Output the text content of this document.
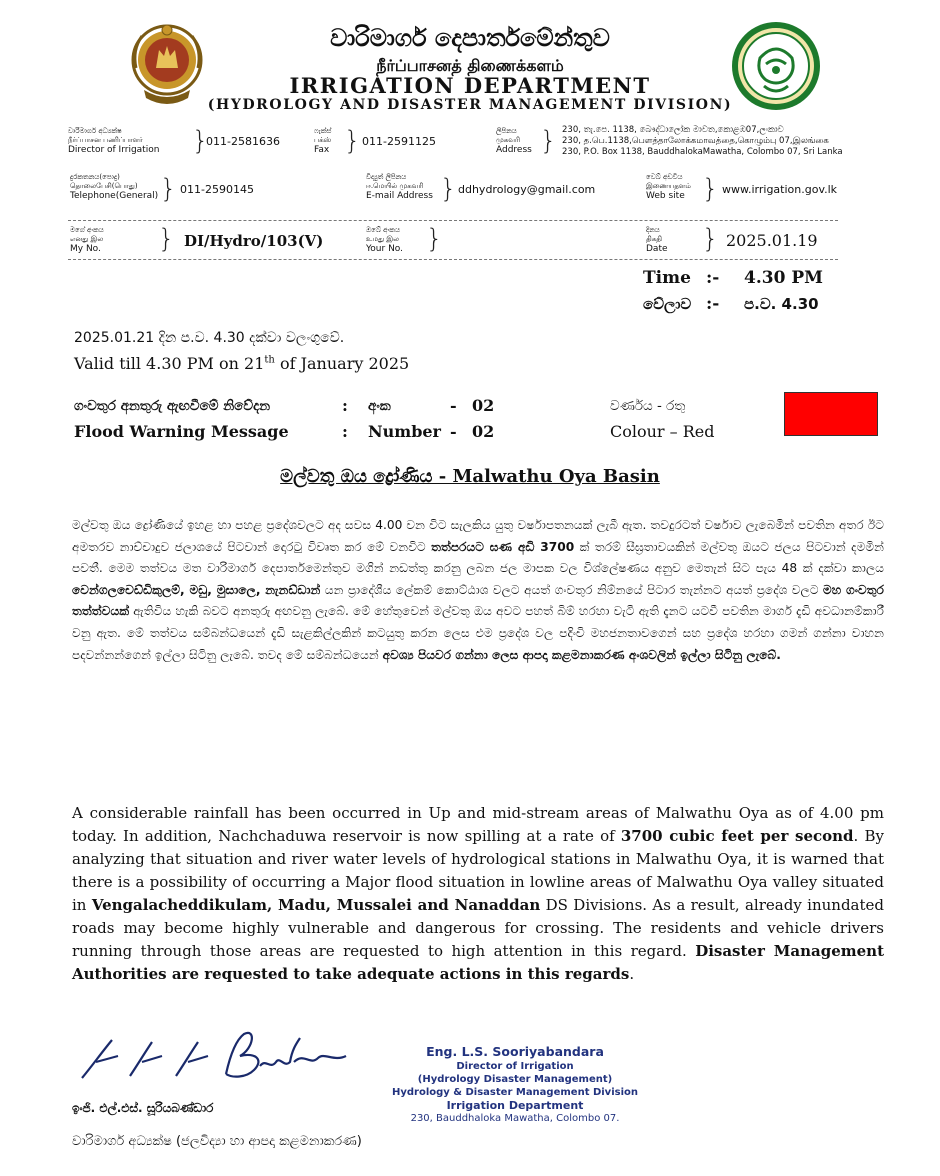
වාරිමාර්ග දෙපාර්තමේන්තුව
நீர்ப்பாசனத் திணைக்களம்
IRRIGATION DEPARTMENT
(HYDROLOGY AND DISASTER MANAGEMENT DIVISION)
වාරිමාර්ග අධ්‍යක්ෂ
நீர்ப்பாசன பணிப்பாளர்
Director of Irrigation }
011-2581636
ෆැක්ස්
பக்ஸ்
Fax } 011-2591125
ලිපිනය
முகவரி
Address } 230, තැ.පෙ. 1138, බෞද්ධාලෝක මාවත,කොළඹ07,ලංකාව
230, த.பெ.1138,பௌத்தாலோக்கமாவத்தை,கொழும்பு 07,இலங்கை
230, P.O. Box 1138, BauddhalokaMawatha, Colombo 07, Sri Lanka
දුරකතනය(පොදු)
தொலைபேசி(பொது)
Telephone(General) } 011-2590145
විද්‍යුත් ලිපිනය
ஈ.மெயில் முகவரி
E-mail Address } ddhydrology@gmail.com
වෙබ් අඩවිය
இணையதளம்
Web site } www.irrigation.gov.lk
මගේ අංකය
எனது இல
My No. } DI/Hydro/103(V)
ඔබේ අංකය
உமது இல
Your No. }	දිනය
திகதி
Date } 2025.01.19
Time :- 4.30 PM
වේලාව :- ප.ව. 4.30
2025.01.21 දින ප.ව. 4.30 දක්වා වලංගුවේ.
Valid till 4.30 PM on 21th of January 2025
ගංවතුර අනතුරු ඇඟවීමේ නිවේදන	: අංක	- 02	වර්ණය - රතු
Flood Warning Message	: Number - 02	Colour – Red
මල්වතු ඔය ද්‍රෝණිය - Malwathu Oya Basin
මල්වතු ඔය ද්‍රෝණියේ ඉහළ හා පහළ ප්‍රදේශවලට අද සවස 4.00 වන විට සැලකිය යුතු වර්ෂාපතනයක් ලැබී ඇත. තවදුරටත් වර්ෂාව ලැබෙමින් පවතින අතර ඊට අමතරව නාච්චාදුව ජලාශයේ පිටවාන් දොරටු විවෘත කර මේ වනවිට තත්පරයට ඝණ අඩි 3700 ක් තරම් සීඝ්‍රතාවයකින් මල්වතු ඔයට ජලය පිටවාන් දමමින් පවතී. මෙම තත්වය මත වාරිමාර්ග දෙපාර්තමෙන්තුව මගින් නඩත්තු කරනු ලබන ජල මාපක වල විශ්ලේෂණය අනුව මෙතැන් සිට පැය 48 ක් දක්වා කාලය වෙන්ගලචෙඩ්ඩිකුලම්, මඩු, මුසාලෙ, නැනඩ්ඩාන් යන ප්‍රාදේශීය ලේකම් කොට්ඨාශ වලට අයත් ගංවතුර නිම්නයේ පිටාර තැන්නට අයත් ප්‍රදේශ වලට මහ ගංවතුර තත්ත්වයක් ඇතිවිය හැකි බවට අනතුරු අඟවනු ලැබේ. මේ හේතුවෙන් මල්වතු ඔය අවට පහත් බිම් හරහා වැටී ඇති දැනට යටවී පවතින මාර්ග දැඩි අවධානම්කාරී වනු ඇත. මේ තත්වය සම්බන්ධයෙන් දැඩි සැළකිල්ලකින් කටයුතු කරන ලෙස එම ප්‍රදේශ වල පදිංචි මහජනතාවගෙන් සහ ප්‍රදේශ හරහා ගමන් ගන්නා වාහන පදවන්නන්ගෙන් ඉල්ලා සිටිනු ලැබේ. තවද මේ සම්බන්ධයෙන් අවශ්‍ය පියවර ගන්නා ලෙස ආපදා කළමනාකරණ අංශවලින් ඉල්ලා සිටිනු ලැබේ.
A considerable rainfall has been occurred in Up and mid-stream areas of Malwathu Oya as of 4.00 pm today. In addition, Nachchaduwa reservoir is now spilling at a rate of 3700 cubic feet per second. By analyzing that situation and river water levels of hydrological stations in Malwathu Oya, it is warned that there is a possibility of occurring a Major flood situation in lowline areas of Malwathu Oya valley situated in Vengalacheddikulam, Madu, Mussalei and Nanaddan DS Divisions. As a result, already inundated roads may become highly vulnerable and dangerous for crossing. The residents and vehicle drivers running through those areas are requested to high attention in this regard. Disaster Management Authorities are requested to take adequate actions in this regards.
Eng. L.S. Sooriyabandara
Director of Irrigation
(Hydrology Disaster Management)
Hydrology & Disaster Management Division
Irrigation Department
230, Bauddhaloka Mawatha, Colombo 07.
ඉංජි. එල්.එස්. සූරියබණ්ඩාර
වාරිමාර්ග අධ්‍යක්ෂ (ජලවිද්‍යා හා ආපදා කළමනාකරණ)
